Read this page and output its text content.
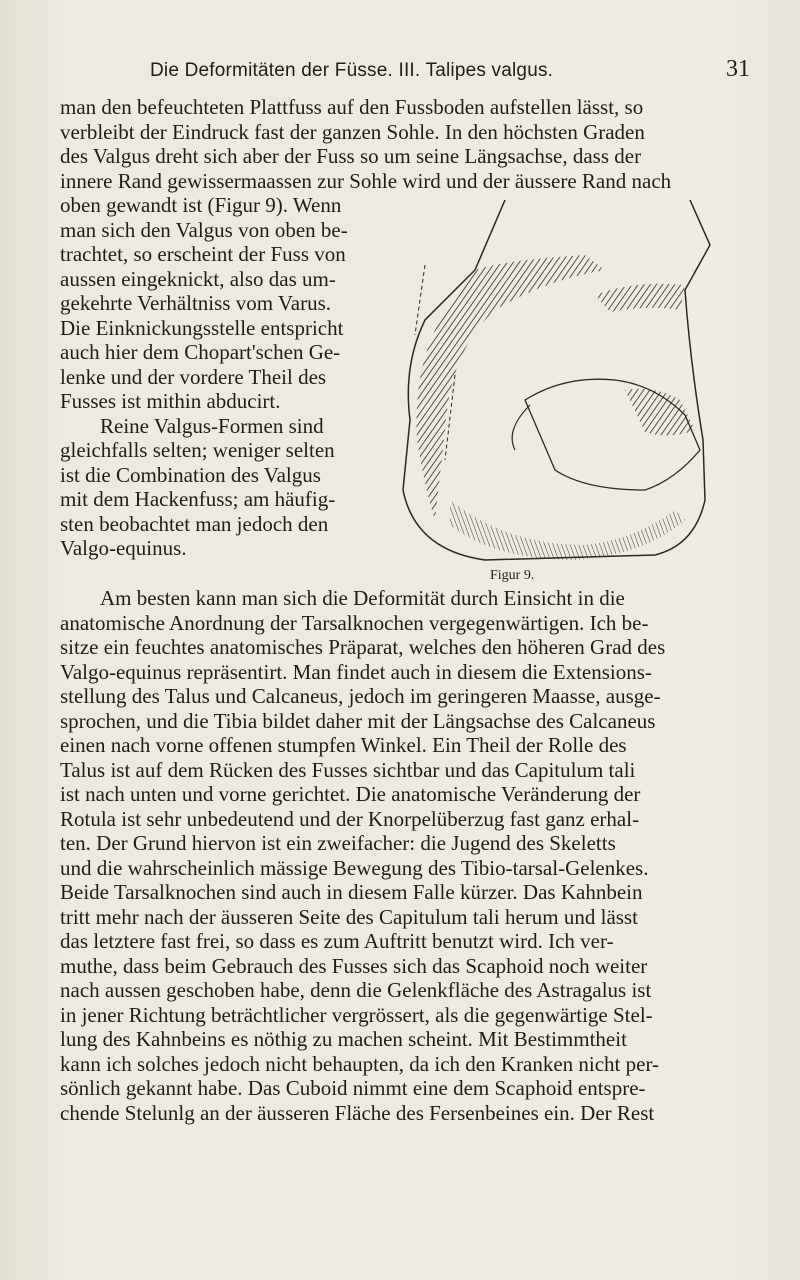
Die Deformitäten der Füsse. III. Talipes valgus.	31
man den befeuchteten Plattfuss auf den Fussboden aufstellen lässt, so
verbleibt der Eindruck fast der ganzen Sohle. In den höchsten Graden
des Valgus dreht sich aber der Fuss so um seine Längsachse, dass der
innere Rand gewissermaassen zur Sohle wird und der äussere Rand nach
oben gewandt ist (Figur 9). Wenn
man sich den Valgus von oben be-
trachtet, so erscheint der Fuss von
aussen eingeknickt, also das um-
gekehrte Verhältniss vom Varus.
Die Einknickungsstelle entspricht
auch hier dem Chopart'schen Ge-
lenke und der vordere Theil des
Fusses ist mithin abducirt.
Reine Valgus-Formen sind
gleichfalls selten; weniger selten
ist die Combination des Valgus
mit dem Hackenfuss; am häufig-
sten beobachtet man jedoch den
Valgo-equinus.
Figur 9.
Am besten kann man sich die Deformität durch Einsicht in die
anatomische Anordnung der Tarsalknochen vergegenwärtigen. Ich be-
sitze ein feuchtes anatomisches Präparat, welches den höheren Grad des
Valgo-equinus repräsentirt. Man findet auch in diesem die Extensions-
stellung des Talus und Calcaneus, jedoch im geringeren Maasse, ausge-
sprochen, und die Tibia bildet daher mit der Längsachse des Calcaneus
einen nach vorne offenen stumpfen Winkel. Ein Theil der Rolle des
Talus ist auf dem Rücken des Fusses sichtbar und das Capitulum tali
ist nach unten und vorne gerichtet. Die anatomische Veränderung der
Rotula ist sehr unbedeutend und der Knorpelüberzug fast ganz erhal-
ten. Der Grund hiervon ist ein zweifacher: die Jugend des Skeletts
und die wahrscheinlich mässige Bewegung des Tibio-tarsal-Gelenkes.
Beide Tarsalknochen sind auch in diesem Falle kürzer. Das Kahnbein
tritt mehr nach der äusseren Seite des Capitulum tali herum und lässt
das letztere fast frei, so dass es zum Auftritt benutzt wird. Ich ver-
muthe, dass beim Gebrauch des Fusses sich das Scaphoid noch weiter
nach aussen geschoben habe, denn die Gelenkfläche des Astragalus ist
in jener Richtung beträchtlicher vergrössert, als die gegenwärtige Stel-
lung des Kahnbeins es nöthig zu machen scheint. Mit Bestimmtheit
kann ich solches jedoch nicht behaupten, da ich den Kranken nicht per-
sönlich gekannt habe. Das Cuboid nimmt eine dem Scaphoid entspre-
chende Stelunlg an der äusseren Fläche des Fersenbeines ein. Der Rest
